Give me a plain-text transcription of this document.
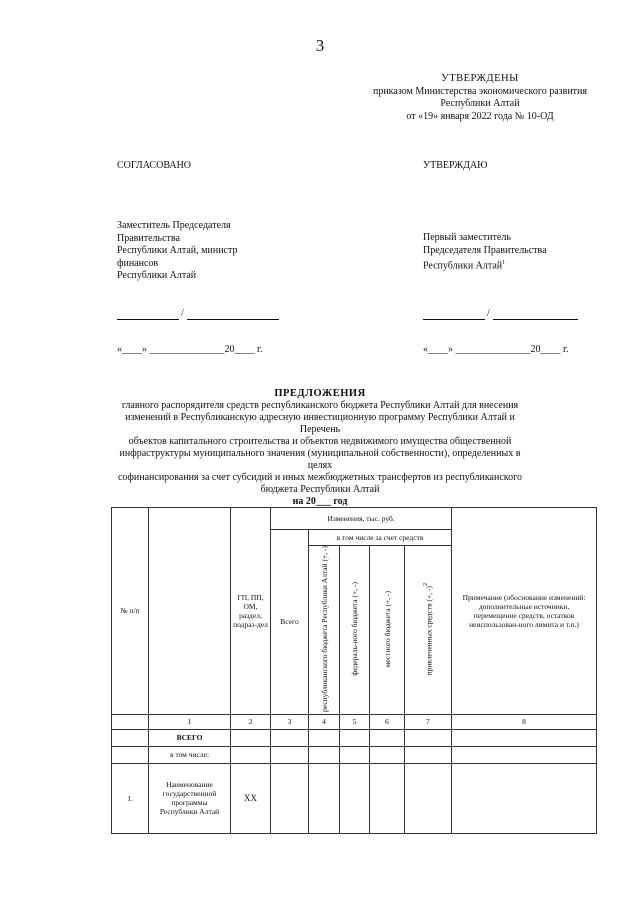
3
УТВЕРЖДЕНЫ
приказом Министерства экономического развития
Республики Алтай
от «19» января 2022 года № 10-ОД
СОГЛАСОВАНО
Заместитель Председателя
Правительства
Республики Алтай, министр
финансов
Республики Алтай
/
«____» _______________20____ г.
УТВЕРЖДАЮ
Первый заместитель
Председателя Правительства
Республики Алтай$^1$
/
«____» _______________20____ г.
ПРЕДЛОЖЕНИЯ
главного распорядителя средств республиканского бюджета Республики Алтай для внесения
изменений в Республиканскую адресную инвестиционную программу Республики Алтай и Перечень
объектов капитального строительства и объектов недвижимого имущества общественной
инфраструктуры муниципального значения (муниципальной собственности), определенных в целях
софинансирования за счет субсидий и иных межбюджетных трансфертов из республиканского
бюджета Республики Алтай
на 20___ год
№ п/п		ГП, ПП, ОМ, раздел, подраз-дел	Изменения, тыс. руб.					Примечание (обоснование изменений: дополнительные источники, перемещение средств, остатков неиспользован-ного лимита и т.п.)
			Всего	в том числе за счет средств				
				республиканского бюджета Республики Алтай (+, -)	федераль-ного бюджета (+, -)	местного бюджета (+, -)	привлеченных средств (+, -)$^2$
	1	2	3	4	5	6	7	8
	ВСЕГО							
	в том числе:							
1.	Наименование государственной программы Республики Алтай	XX						
